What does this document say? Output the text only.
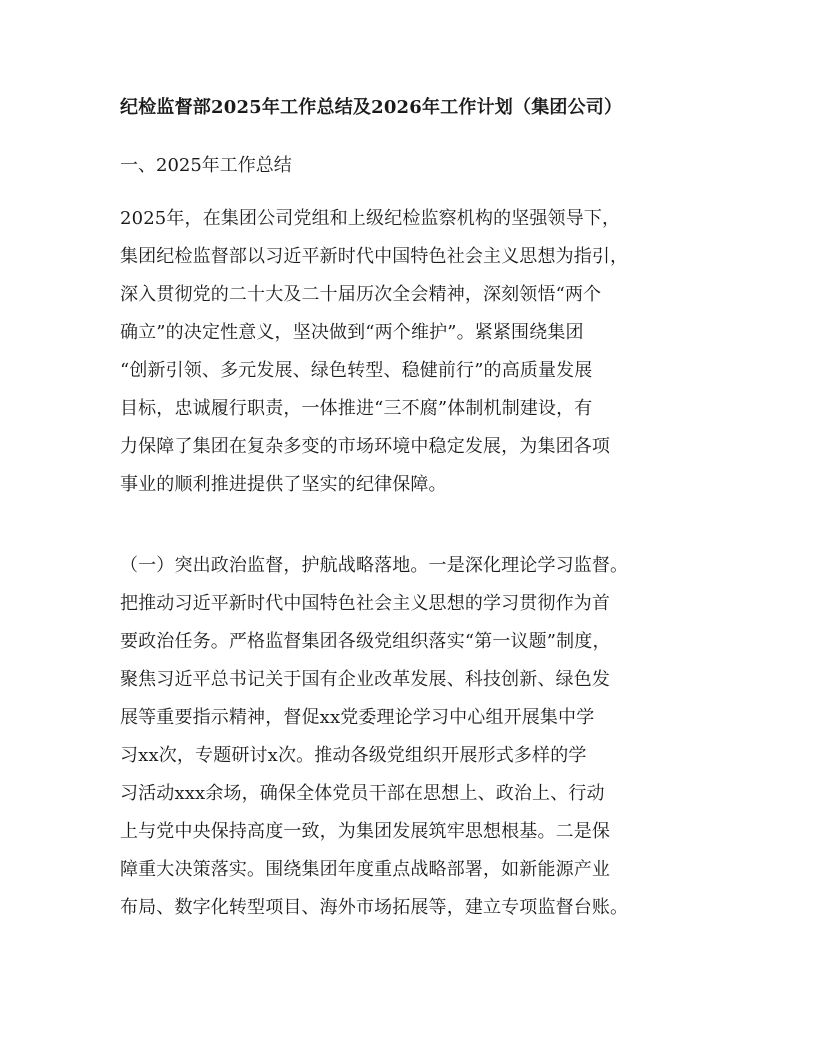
纪检监督部2025年工作总结及2026年工作计划（集团公司）
一、2025年工作总结
2025年，在集团公司党组和上级纪检监察机构的坚强领导下，
集团纪检监督部以习近平新时代中国特色社会主义思想为指引，
深入贯彻党的二十大及二十届历次全会精神，深刻领悟“两个
确立”的决定性意义，坚决做到“两个维护”。紧紧围绕集团
“创新引领、多元发展、绿色转型、稳健前行”的高质量发展
目标，忠诚履行职责，一体推进“三不腐”体制机制建设，有
力保障了集团在复杂多变的市场环境中稳定发展，为集团各项
事业的顺利推进提供了坚实的纪律保障。
（一）突出政治监督，护航战略落地。一是深化理论学习监督。
把推动习近平新时代中国特色社会主义思想的学习贯彻作为首
要政治任务。严格监督集团各级党组织落实“第一议题”制度，
聚焦习近平总书记关于国有企业改革发展、科技创新、绿色发
展等重要指示精神，督促xx党委理论学习中心组开展集中学
习xx次，专题研讨x次。推动各级党组织开展形式多样的学
习活动xxx余场，确保全体党员干部在思想上、政治上、行动
上与党中央保持高度一致，为集团发展筑牢思想根基。二是保
障重大决策落实。围绕集团年度重点战略部署，如新能源产业
布局、数字化转型项目、海外市场拓展等，建立专项监督台账。
